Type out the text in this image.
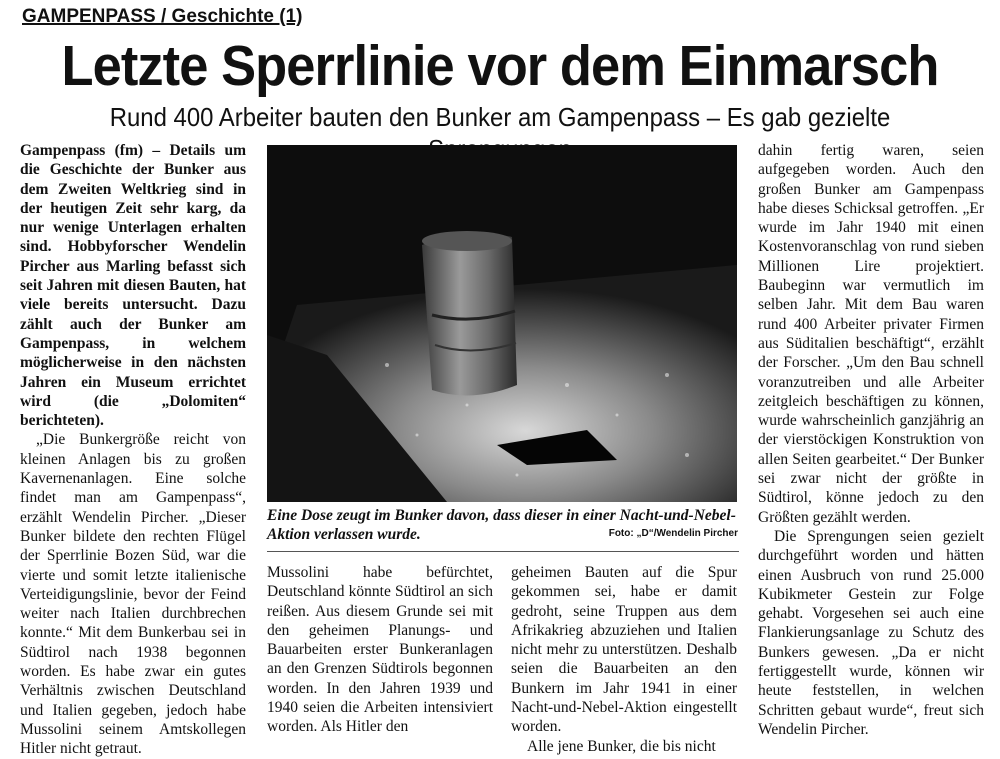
GAMPENPASS / Geschichte (1)
Letzte Sperrlinie vor dem Einmarsch
Rund 400 Arbeiter bauten den Bunker am Gampenpass – Es gab gezielte

Gampenpass (fm) – Details um die Geschichte der Bunker aus dem Zweiten Weltkrieg sind in der heutigen Zeit sehr karg, da nur wenige Unterlagen erhalten sind. Hobbyforscher Wendelin Pircher aus Marling befasst sich seit Jahren mit diesen Bauten, hat viele bereits untersucht. Dazu zählt auch der Bunker am Gampenpass, in welchem möglicherweise in den nächsten Jahren ein Museum errichtet wird (die „Dolomiten“ berichteten).

„Die Bunkergröße reicht von kleinen Anlagen bis zu großen Kavernenanlagen. Eine solche findet man am Gampenpass“, erzählt Wendelin Pircher. „Dieser Bunker bildete den rechten Flügel der Sperrlinie Bozen Süd, war die vierte und somit letzte italienische Verteidigungslinie, bevor der Feind weiter nach Italien durchbrechen konnte.“ Mit dem Bunkerbau sei in Südtirol nach 1938 begonnen worden. Es habe zwar ein gutes Verhältnis zwischen Deutschland und Italien gegeben, jedoch habe Mussolini seinem Amtskollegen Hitler nicht getraut.

Eine Dose zeugt im Bunker davon, dass dieser in einer Nacht-und-Nebel-Aktion verlassen wurde.	Foto: „D“/Wendelin Pircher

Mussolini habe befürchtet, Deutschland könnte Südtirol an sich reißen. Aus diesem Grunde sei mit den geheimen Planungs- und Bauarbeiten erster Bunkeranlagen an den Grenzen Südtirols begonnen worden. In den Jahren 1939 und 1940 seien die Arbeiten intensiviert worden. Als Hitler den

geheimen Bauten auf die Spur gekommen sei, habe er damit gedroht, seine Truppen aus dem Afrikakrieg abzuziehen und Italien nicht mehr zu unterstützen. Deshalb seien die Bauarbeiten an den Bunkern im Jahr 1941 in einer Nacht-und-Nebel-Aktion eingestellt worden.

Alle jene Bunker, die bis nicht

dahin fertig waren, seien aufgegeben worden. Auch den großen Bunker am Gampenpass habe dieses Schicksal getroffen. „Er wurde im Jahr 1940 mit einen Kostenvoranschlag von rund sieben Millionen Lire projektiert. Baubeginn war vermutlich im selben Jahr. Mit dem Bau waren rund 400 Arbeiter privater Firmen aus Süditalien beschäftigt“, erzählt der Forscher. „Um den Bau schnell voranzutreiben und alle Arbeiter zeitgleich beschäftigen zu können, wurde wahrscheinlich ganzjährig an der vierstöckigen Konstruktion von allen Seiten gearbeitet.“ Der Bunker sei zwar nicht der größte in Südtirol, könne jedoch zu den Größten gezählt werden.

Die Sprengungen seien gezielt durchgeführt worden und hätten einen Ausbruch von rund 25.000 Kubikmeter Gestein zur Folge gehabt. Vorgesehen sei auch eine Flankierungsanlage zu Schutz des Bunkers gewesen. „Da er nicht fertiggestellt wurde, können wir heute feststellen, in welchen Schritten gebaut wurde“, freut sich Wendelin Pircher.
